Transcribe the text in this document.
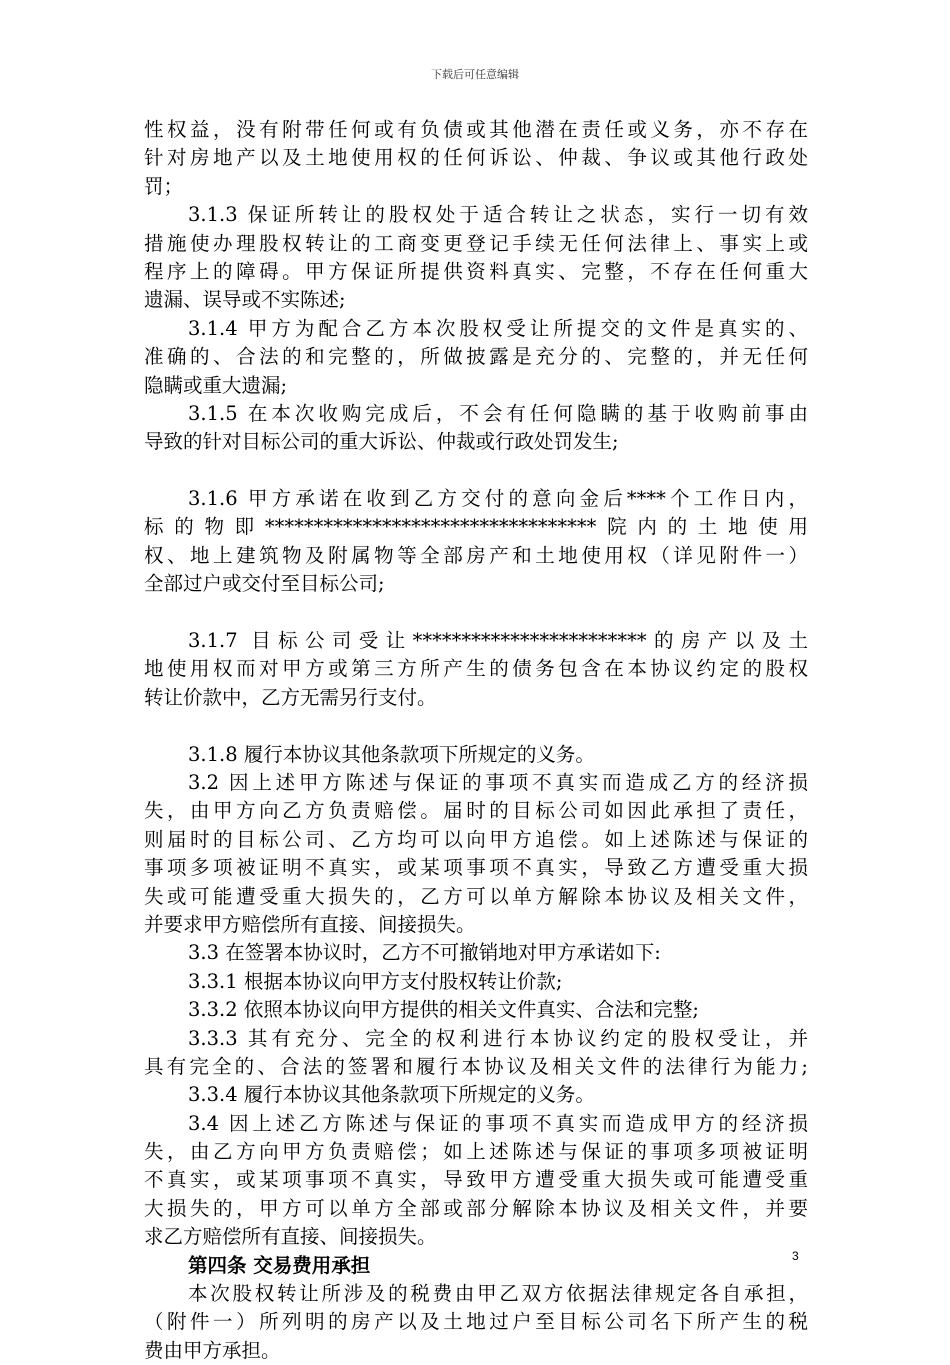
下载后可任意编辑
性权益，没有附带任何或有负债或其他潜在责任或义务，亦不存在
针对房地产以及土地使用权的任何诉讼、仲裁、争议或其他行政处
罚；
3.1.3 保证所转让的股权处于适合转让之状态，实行一切有效
措施使办理股权转让的工商变更登记手续无任何法律上、事实上或
程序上的障碍。甲方保证所提供资料真实、完整，不存在任何重大
遗漏、误导或不实陈述;
3.1.4 甲方为配合乙方本次股权受让所提交的文件是真实的、
准确的、合法的和完整的，所做披露是充分的、完整的，并无任何
隐瞒或重大遗漏;
3.1.5 在本次收购完成后，不会有任何隐瞒的基于收购前事由
导致的针对目标公司的重大诉讼、仲裁或行政处罚发生;
3.1.6 甲方承诺在收到乙方交付的意向金后****个工作日内，
标的物即**********************************院内的土地使用
权、地上建筑物及附属物等全部房产和土地使用权（详见附件一）
全部过户或交付至目标公司;
3.1.7 目标公司受让************************的房产以及土
地使用权而对甲方或第三方所产生的债务包含在本协议约定的股权
转让价款中，乙方无需另行支付。
3.1.8 履行本协议其他条款项下所规定的义务。
3.2 因上述甲方陈述与保证的事项不真实而造成乙方的经济损
失，由甲方向乙方负责赔偿。届时的目标公司如因此承担了责任，
则届时的目标公司、乙方均可以向甲方追偿。如上述陈述与保证的
事项多项被证明不真实，或某项事项不真实，导致乙方遭受重大损
失或可能遭受重大损失的，乙方可以单方解除本协议及相关文件，
并要求甲方赔偿所有直接、间接损失。
3.3 在签署本协议时，乙方不可撤销地对甲方承诺如下:
3.3.1 根据本协议向甲方支付股权转让价款;
3.3.2 依照本协议向甲方提供的相关文件真实、合法和完整;
3.3.3 其有充分、完全的权利进行本协议约定的股权受让，并
具有完全的、合法的签署和履行本协议及相关文件的法律行为能力;
3.3.4 履行本协议其他条款项下所规定的义务。
3.4 因上述乙方陈述与保证的事项不真实而造成甲方的经济损
失，由乙方向甲方负责赔偿；如上述陈述与保证的事项多项被证明
不真实，或某项事项不真实，导致甲方遭受重大损失或可能遭受重
大损失的，甲方可以单方全部或部分解除本协议及相关文件，并要
求乙方赔偿所有直接、间接损失。
第四条 交易费用承担
本次股权转让所涉及的税费由甲乙双方依据法律规定各自承担，
（附件一）所列明的房产以及土地过户至目标公司名下所产生的税
费由甲方承担。
3
